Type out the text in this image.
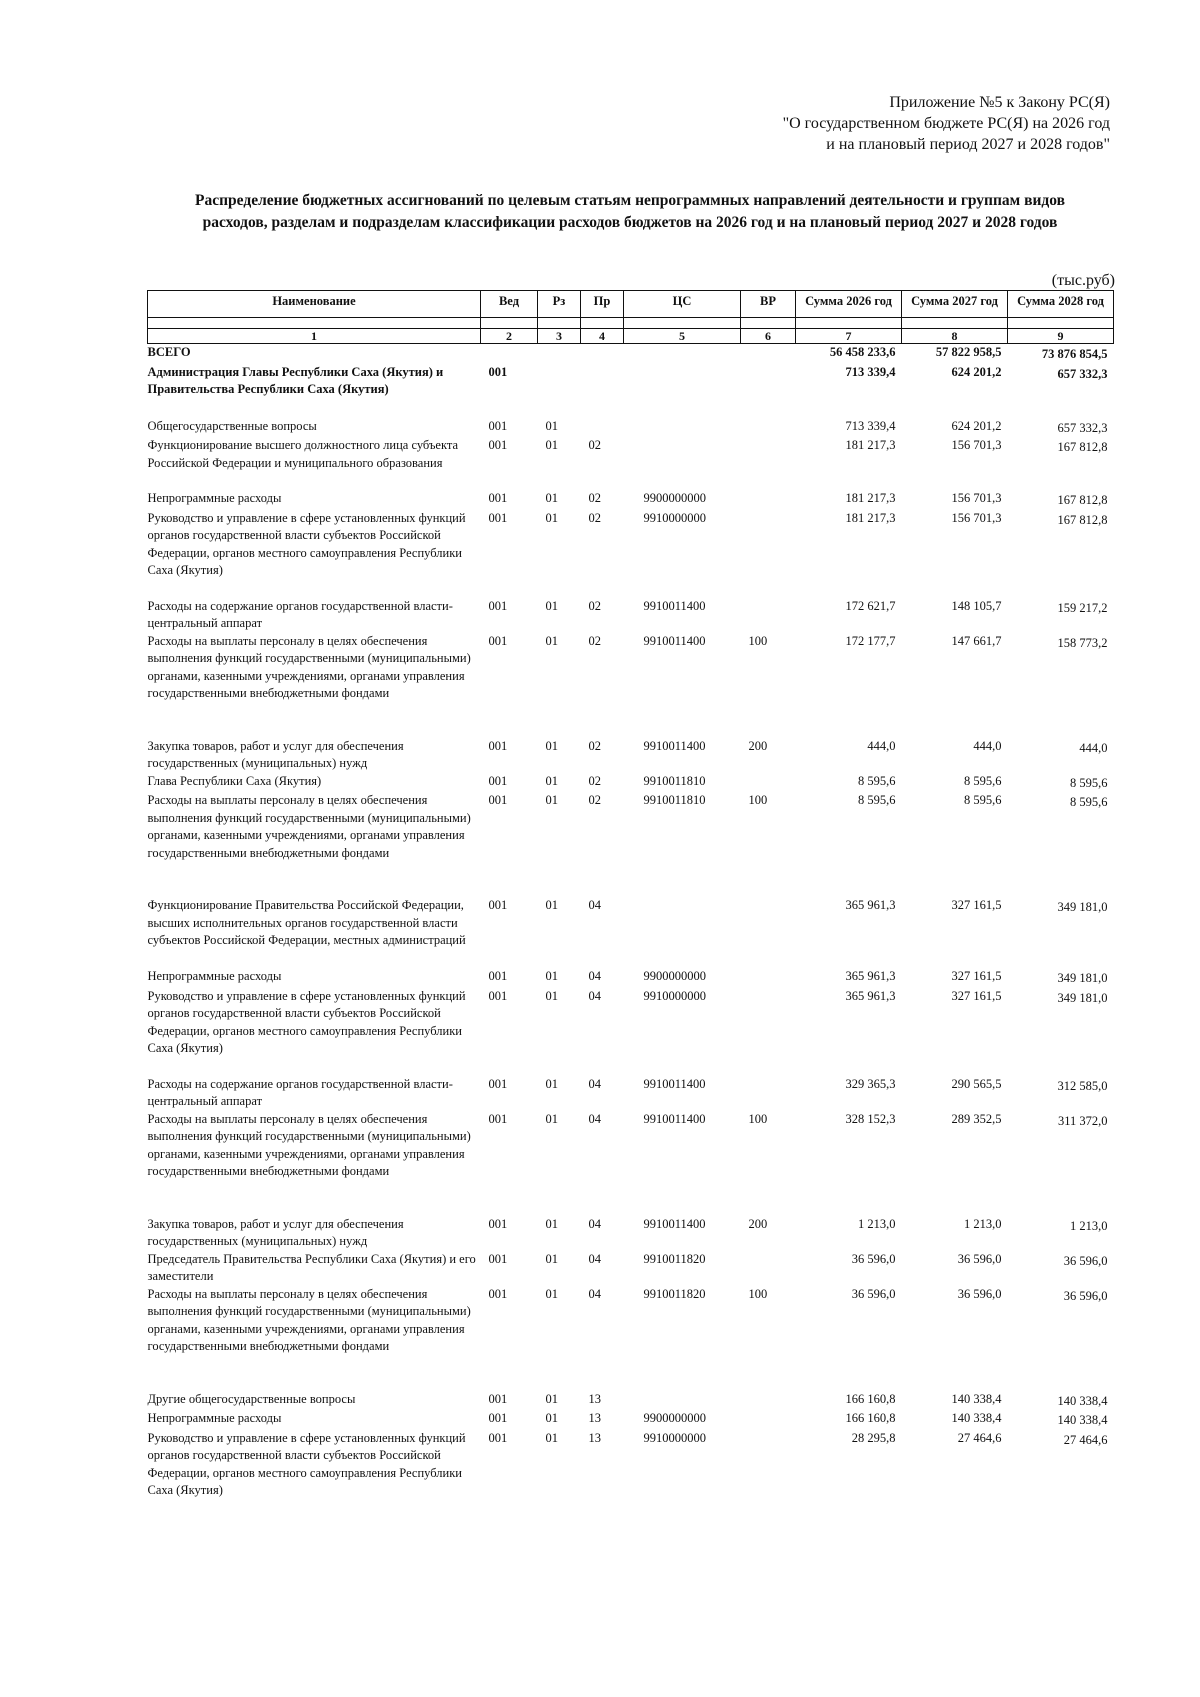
Приложение №5 к Закону РС(Я)
"О государственном бюджете РС(Я) на 2026 год
и на плановый период 2027 и 2028 годов"
Распределение бюджетных ассигнований по целевым статьям непрограммных направлений деятельности и группам видов
расходов, разделам и подразделам классификации расходов бюджетов на 2026 год и на плановый период 2027 и 2028 годов
(тыс.руб)
Наименование	Вед	Рз	Пр	ЦС	ВР	Сумма 2026 год	Сумма 2027 год	Сумма 2028 год

1	2	3	4	5	6	7	8	9
ВСЕГО						56 458 233,6	57 822 958,5	73 876 854,5
Администрация Главы Республики Саха (Якутия) и Правительства Республики Саха (Якутия)	001					713 339,4	624 201,2	657 332,3
Общегосударственные вопросы	001	01				713 339,4	624 201,2	657 332,3
Функционирование высшего должностного лица субъекта Российской Федерации и муниципального образования	001	01	02			181 217,3	156 701,3	167 812,8
Непрограммные расходы	001	01	02	9900000000		181 217,3	156 701,3	167 812,8
Руководство и управление в сфере установленных функций органов государственной власти субъектов Российской Федерации, органов местного самоуправления Республики Саха (Якутия)	001	01	02	9910000000		181 217,3	156 701,3	167 812,8
Расходы на содержание органов государственной власти- центральный аппарат	001	01	02	9910011400		172 621,7	148 105,7	159 217,2
Расходы на выплаты персоналу в целях обеспечения выполнения функций государственными (муниципальными) органами, казенными учреждениями, органами управления государственными внебюджетными фондами	001	01	02	9910011400	100	172 177,7	147 661,7	158 773,2
Закупка товаров, работ и услуг для обеспечения государственных (муниципальных) нужд	001	01	02	9910011400	200	444,0	444,0	444,0
Глава Республики Саха (Якутия)	001	01	02	9910011810		8 595,6	8 595,6	8 595,6
Расходы на выплаты персоналу в целях обеспечения выполнения функций государственными (муниципальными) органами, казенными учреждениями, органами управления государственными внебюджетными фондами	001	01	02	9910011810	100	8 595,6	8 595,6	8 595,6
Функционирование Правительства Российской Федерации, высших исполнительных органов государственной власти субъектов Российской Федерации, местных администраций	001	01	04			365 961,3	327 161,5	349 181,0
Непрограммные расходы	001	01	04	9900000000		365 961,3	327 161,5	349 181,0
Руководство и управление в сфере установленных функций органов государственной власти субъектов Российской Федерации, органов местного самоуправления Республики Саха (Якутия)	001	01	04	9910000000		365 961,3	327 161,5	349 181,0
Расходы на содержание органов государственной власти- центральный аппарат	001	01	04	9910011400		329 365,3	290 565,5	312 585,0
Расходы на выплаты персоналу в целях обеспечения выполнения функций государственными (муниципальными) органами, казенными учреждениями, органами управления государственными внебюджетными фондами	001	01	04	9910011400	100	328 152,3	289 352,5	311 372,0
Закупка товаров, работ и услуг для обеспечения государственных (муниципальных) нужд	001	01	04	9910011400	200	1 213,0	1 213,0	1 213,0
Председатель Правительства Республики Саха (Якутия) и его заместители	001	01	04	9910011820		36 596,0	36 596,0	36 596,0
Расходы на выплаты персоналу в целях обеспечения выполнения функций государственными (муниципальными) органами, казенными учреждениями, органами управления государственными внебюджетными фондами	001	01	04	9910011820	100	36 596,0	36 596,0	36 596,0
Другие общегосударственные вопросы	001	01	13			166 160,8	140 338,4	140 338,4
Непрограммные расходы	001	01	13	9900000000		166 160,8	140 338,4	140 338,4
Руководство и управление в сфере установленных функций органов государственной власти субъектов Российской Федерации, органов местного самоуправления Республики Саха (Якутия)	001	01	13	9910000000		28 295,8	27 464,6	27 464,6
